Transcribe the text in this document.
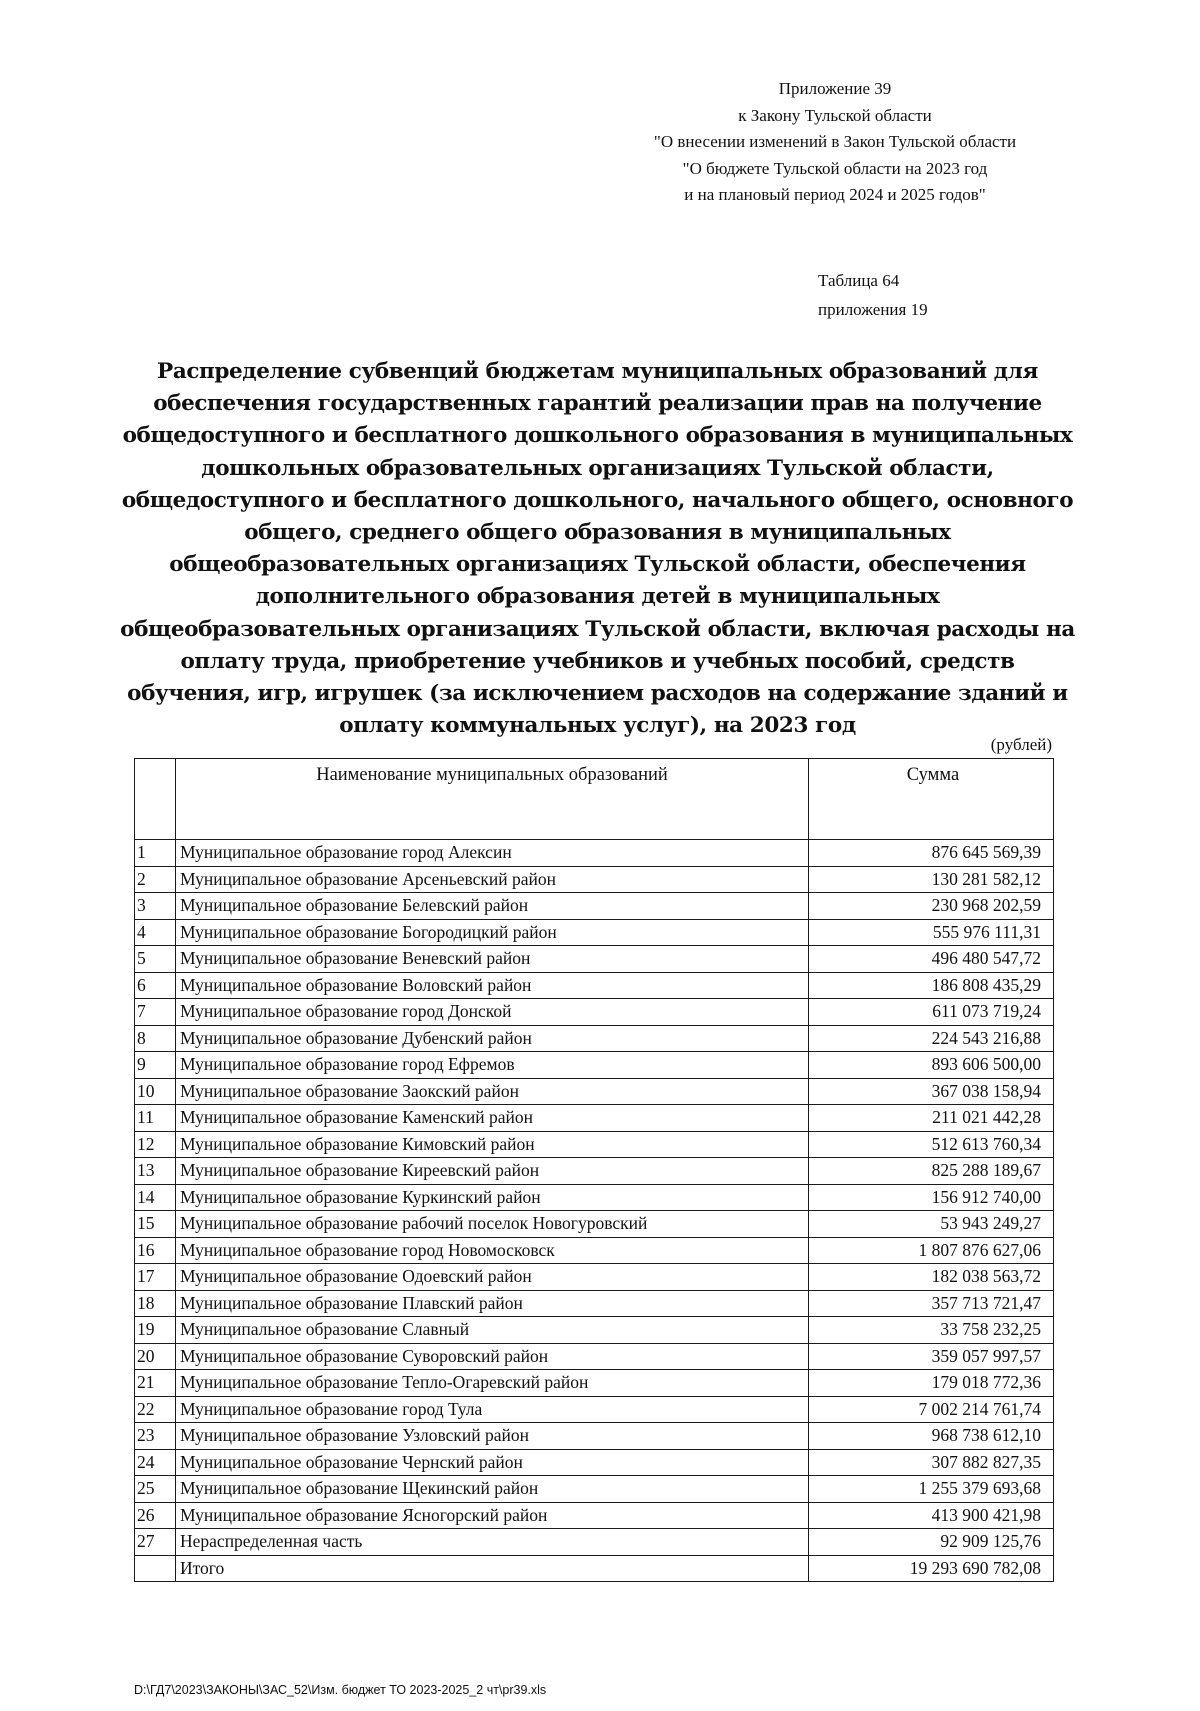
Приложение 39
к Закону Тульской области
"О внесении изменений в Закон Тульской области
"О бюджете Тульской области на 2023 год
и на плановый период 2024 и 2025 годов"
Таблица 64
приложения 19
Распределение субвенций бюджетам муниципальных образований для обеспечения государственных гарантий реализации прав на получение общедоступного и бесплатного дошкольного образования в муниципальных дошкольных образовательных организациях Тульской области, общедоступного и бесплатного дошкольного, начального общего, основного общего, среднего общего образования в муниципальных общеобразовательных организациях Тульской области, обеспечения дополнительного образования детей в муниципальных общеобразовательных организациях Тульской области, включая расходы на оплату труда, приобретение учебников и учебных пособий, средств обучения, игр, игрушек (за исключением расходов на содержание зданий и оплату коммунальных услуг), на 2023 год
(рублей)
	Наименование муниципальных образований	Сумма
1	Муниципальное образование город Алексин	876 645 569,39
2	Муниципальное образование Арсеньевский район	130 281 582,12
3	Муниципальное образование Белевский район	230 968 202,59
4	Муниципальное образование Богородицкий район	555 976 111,31
5	Муниципальное образование Веневский район	496 480 547,72
6	Муниципальное образование Воловский район	186 808 435,29
7	Муниципальное образование город Донской	611 073 719,24
8	Муниципальное образование Дубенский район	224 543 216,88
9	Муниципальное образование город Ефремов	893 606 500,00
10	Муниципальное образование Заокский район	367 038 158,94
11	Муниципальное образование Каменский район	211 021 442,28
12	Муниципальное образование Кимовский район	512 613 760,34
13	Муниципальное образование Киреевский район	825 288 189,67
14	Муниципальное образование Куркинский район	156 912 740,00
15	Муниципальное образование рабочий поселок Новогуровский	53 943 249,27
16	Муниципальное образование город Новомосковск	1 807 876 627,06
17	Муниципальное образование Одоевский район	182 038 563,72
18	Муниципальное образование Плавский район	357 713 721,47
19	Муниципальное образование Славный	33 758 232,25
20	Муниципальное образование Суворовский район	359 057 997,57
21	Муниципальное образование Тепло-Огаревский район	179 018 772,36
22	Муниципальное образование город Тула	7 002 214 761,74
23	Муниципальное образование Узловский район	968 738 612,10
24	Муниципальное образование Чернский район	307 882 827,35
25	Муниципальное образование Щекинский район	1 255 379 693,68
26	Муниципальное образование Ясногорский район	413 900 421,98
27	Нераспределенная часть	92 909 125,76
	Итого	19 293 690 782,08
D:\ГД7\2023\ЗАКОНЫ\ЗАС_52\Изм. бюджет ТО 2023-2025_2 чт\pr39.xls
